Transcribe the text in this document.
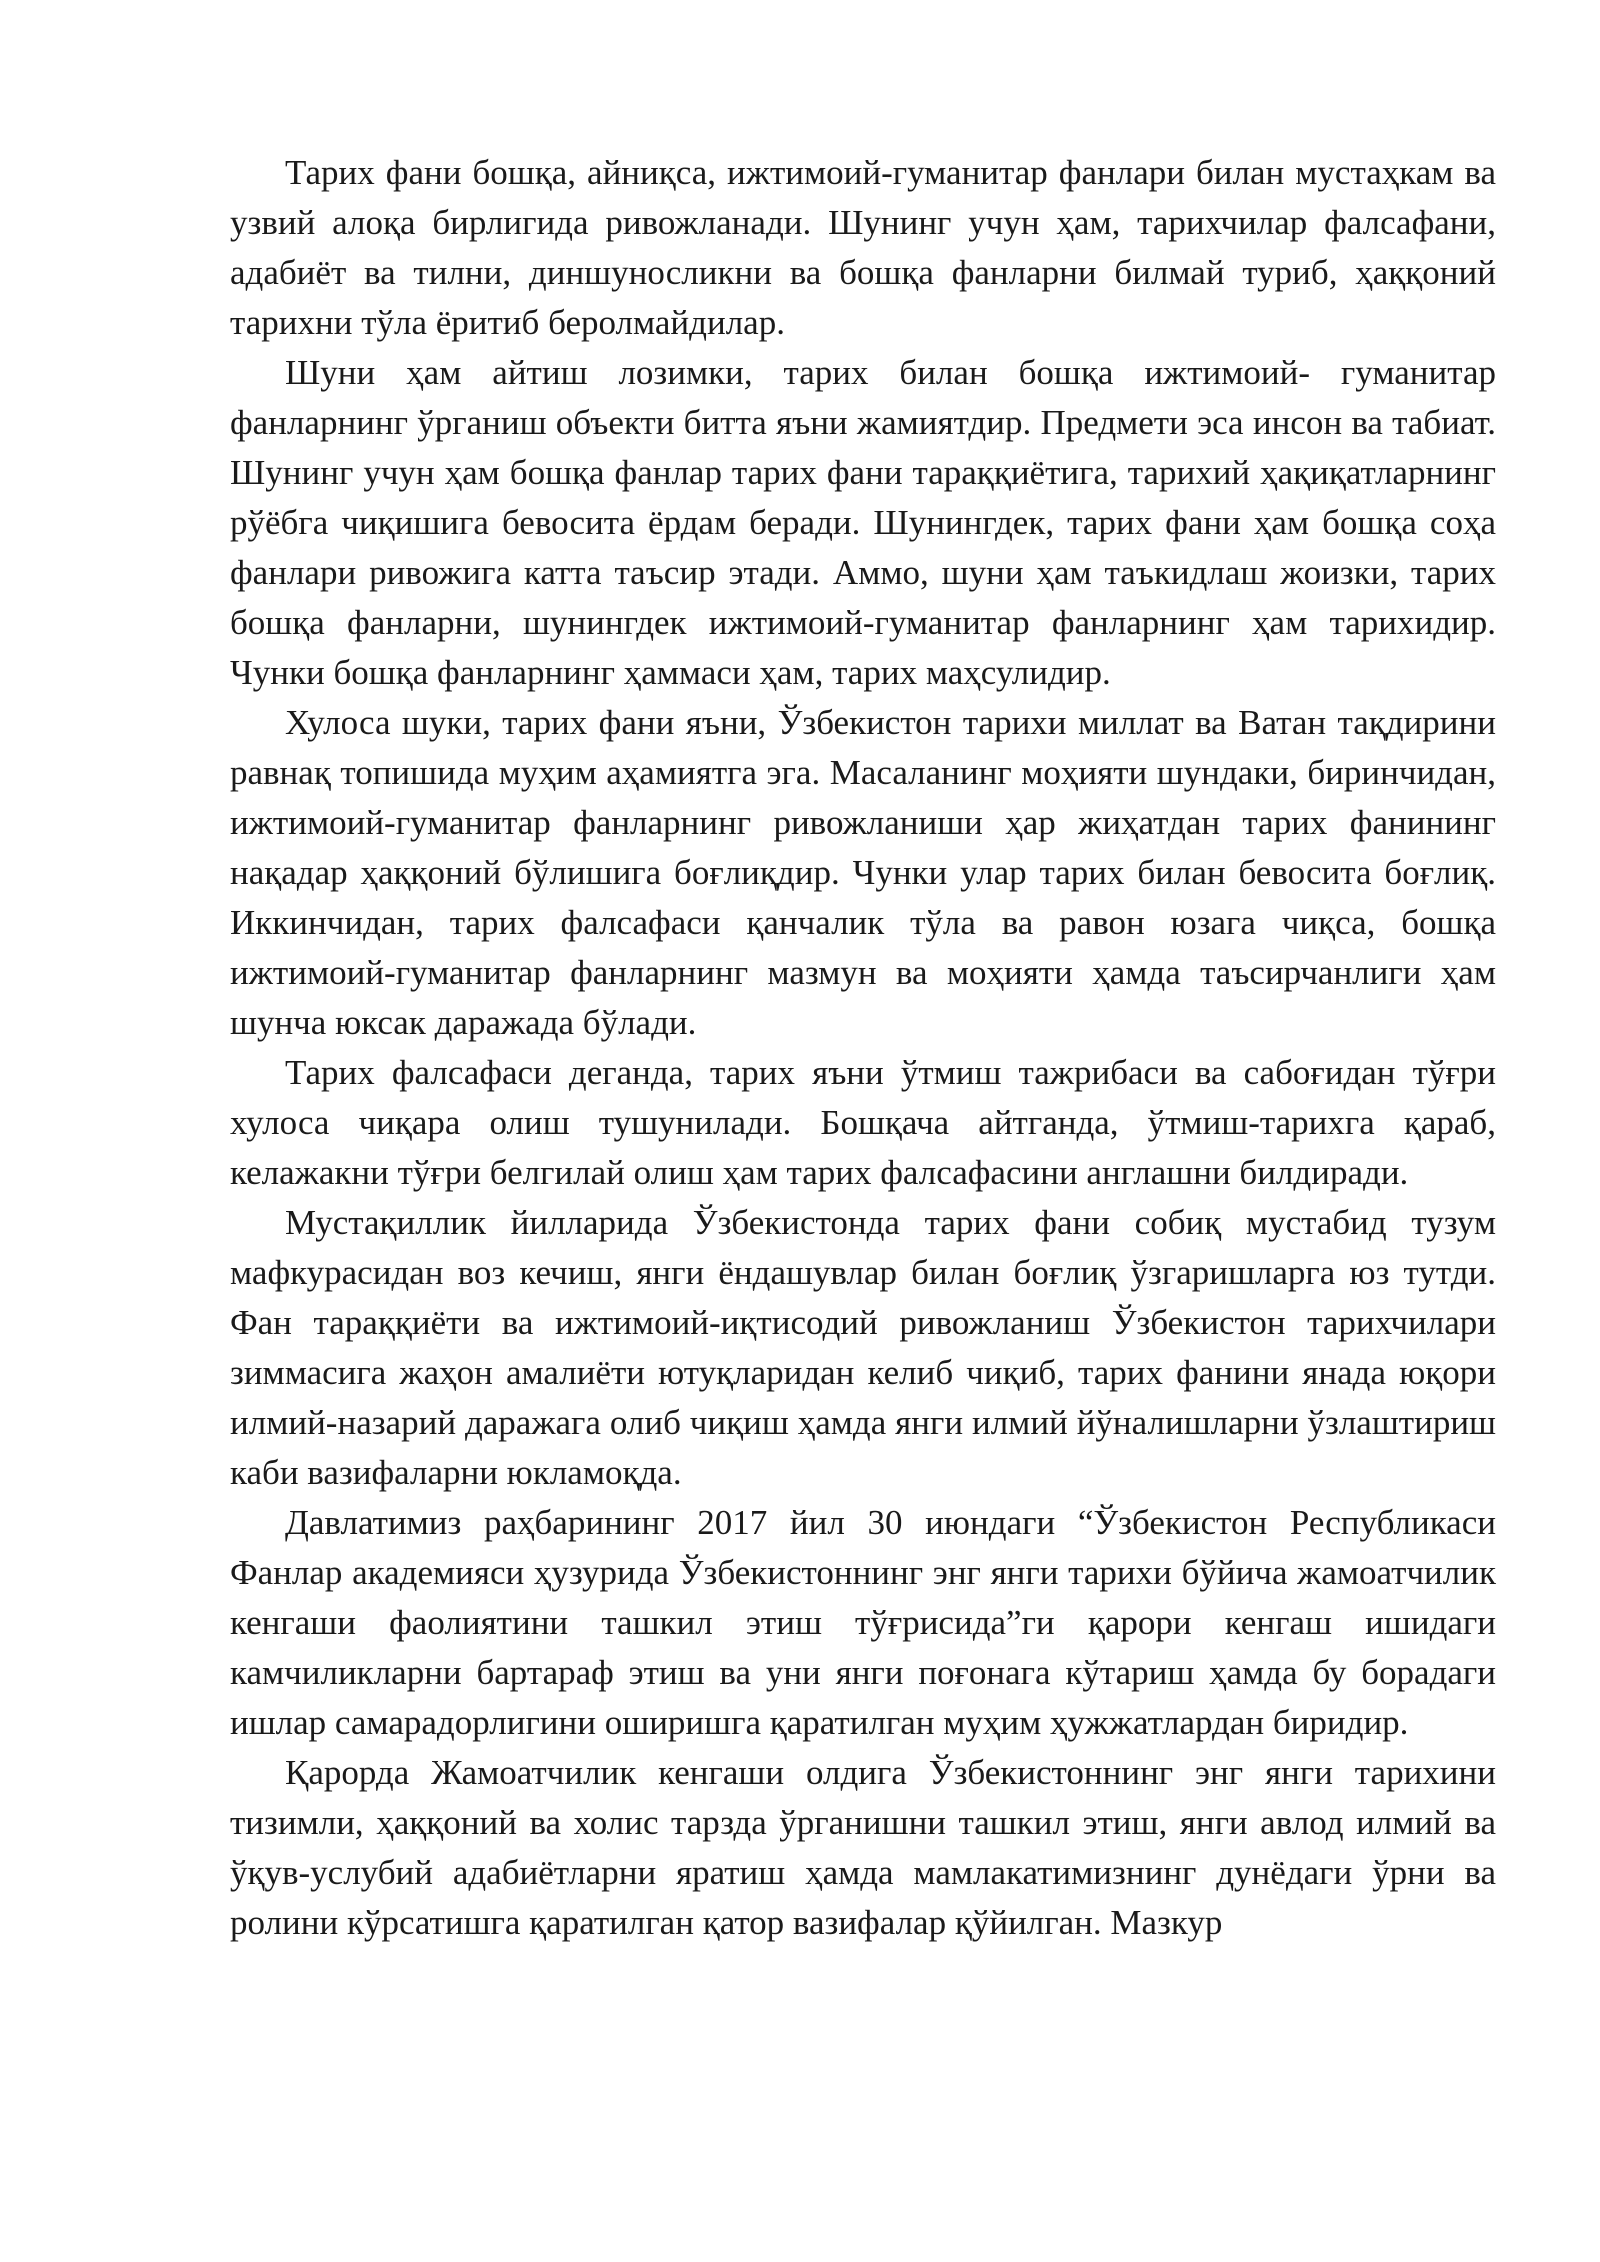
Тарих фани бошқа, айниқса, ижтимоий-гуманитар фанлари билан мустаҳкам ва узвий алоқа бирлигида ривожланади. Шунинг учун ҳам, тарихчилар фалсафани, адабиёт ва тилни, диншуносликни ва бошқа фанларни билмай туриб, ҳаққоний тарихни тўла ёритиб беролмайдилар.

Шуни ҳам айтиш лозимки, тарих билан бошқа ижтимоий- гуманитар фанларнинг ўрганиш объекти битта яъни жамиятдир. Предмети эса инсон ва табиат. Шунинг учун ҳам бошқа фанлар тарих фани тараққиётига, тарихий ҳақиқатларнинг рўёбга чиқишига бевосита ёрдам беради. Шунингдек, тарих фани ҳам бошқа соҳа фанлари ривожига катта таъсир этади. Аммо, шуни ҳам таъкидлаш жоизки, тарих бошқа фанларни, шунингдек ижтимоий-гуманитар фанларнинг ҳам тарихидир. Чунки бошқа фанларнинг ҳаммаси ҳам, тарих маҳсулидир.

Хулоса шуки, тарих фани яъни, Ўзбекистон тарихи миллат ва Ватан тақдирини равнақ топишида муҳим аҳамиятга эга. Масаланинг моҳияти шундаки, биринчидан, ижтимоий-гуманитар фанларнинг ривожланиши ҳар жиҳатдан тарих фанининг нақадар ҳаққоний бўлишига боғлиқдир. Чунки улар тарих билан бевосита боғлиқ. Иккинчидан, тарих фалсафаси қанчалик тўла ва равон юзага чиқса, бошқа ижтимоий-гуманитар фанларнинг мазмун ва моҳияти ҳамда таъсирчанлиги ҳам шунча юксак даражада бўлади.

Тарих фалсафаси деганда, тарих яъни ўтмиш тажрибаси ва сабоғидан тўғри хулоса чиқара олиш тушунилади. Бошқача айтганда, ўтмиш-тарихга қараб, келажакни тўғри белгилай олиш ҳам тарих фалсафасини англашни билдиради.

Мустақиллик йилларида Ўзбекистонда тарих фани собиқ мустабид тузум мафкурасидан воз кечиш, янги ёндашувлар билан боғлиқ ўзгаришларга юз тутди. Фан тараққиёти ва ижтимоий-иқтисодий ривожланиш Ўзбекистон тарихчилари зиммасига жаҳон амалиёти ютуқларидан келиб чиқиб, тарих фанини янада юқори илмий-назарий даражага олиб чиқиш ҳамда янги илмий йўналишларни ўзлаштириш каби вазифаларни юкламоқда.

Давлатимиз раҳбарининг 2017 йил 30 июндаги “Ўзбекистон Республикаси Фанлар академияси ҳузурида Ўзбекистоннинг энг янги тарихи бўйича жамоатчилик кенгаши фаолиятини ташкил этиш тўғрисида”ги қарори кенгаш ишидаги камчиликларни бартараф этиш ва уни янги поғонага кўтариш ҳамда бу борадаги ишлар самарадорлигини оширишга қаратилган муҳим ҳужжатлардан биридир.

Қарорда Жамоатчилик кенгаши олдига Ўзбекистоннинг энг янги тарихини тизимли, ҳаққоний ва холис тарзда ўрганишни ташкил этиш, янги авлод илмий ва ўқув-услубий адабиётларни яратиш ҳамда мамлакатимизнинг дунёдаги ўрни ва ролини кўрсатишга қаратилган қатор вазифалар қўйилган. Мазкур
